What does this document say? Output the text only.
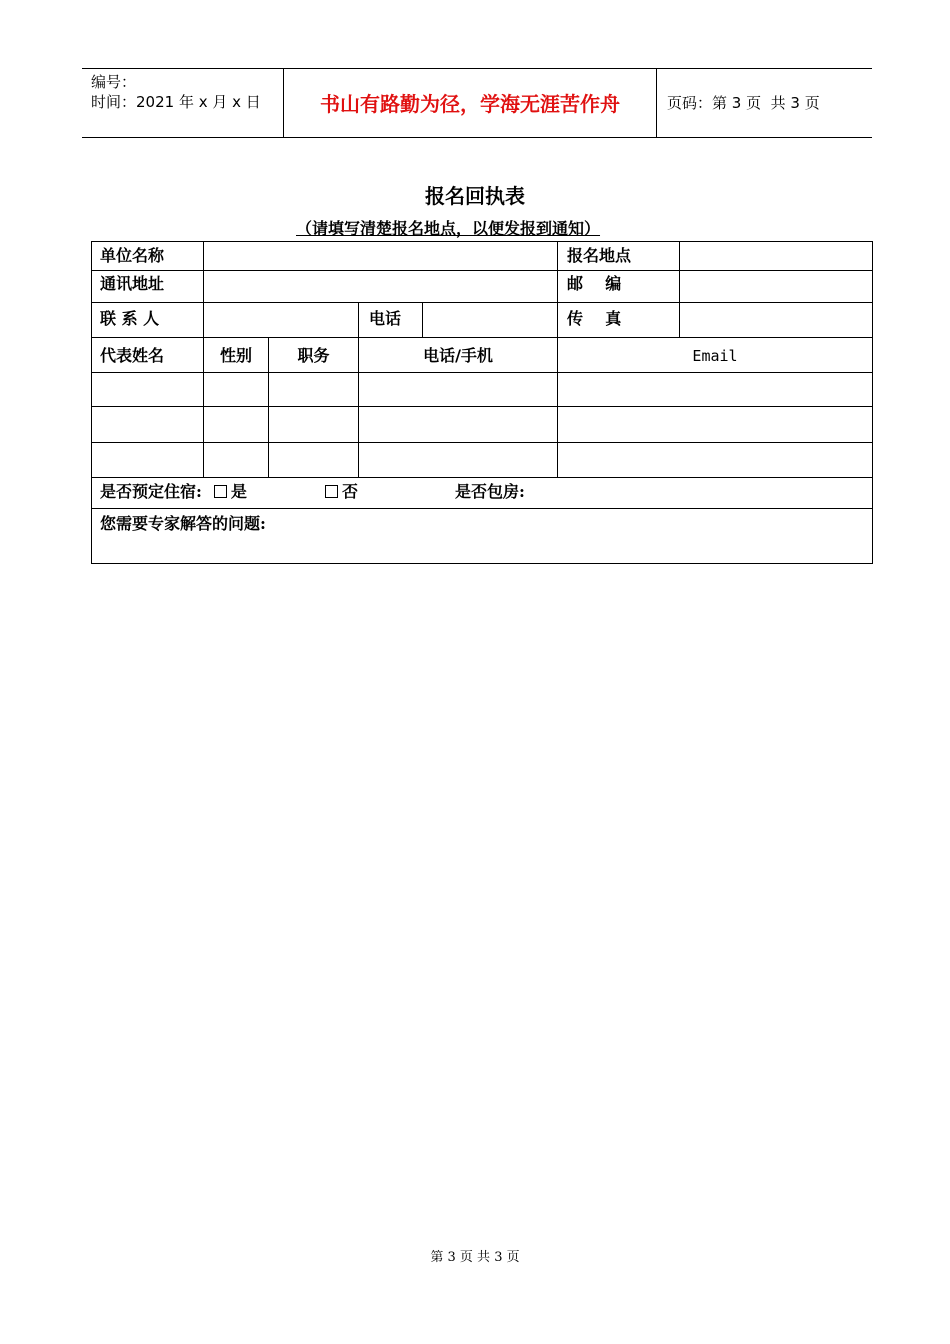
编号：
时间：2021 年 x 月 x 日	书山有路勤为径，学海无涯苦作舟	页码：第 3 页  共 3 页
报名回执表
（请填写清楚报名地点，以便发报到通知）
单位名称	报名地点
通讯地址	邮    编
联 系 人	电话	传    真
代表姓名	性别	职务	电话/手机	Email
是否预定住宿: 是	否	是否包房:
您需要专家解答的问题:
第 3 页 共 3 页
